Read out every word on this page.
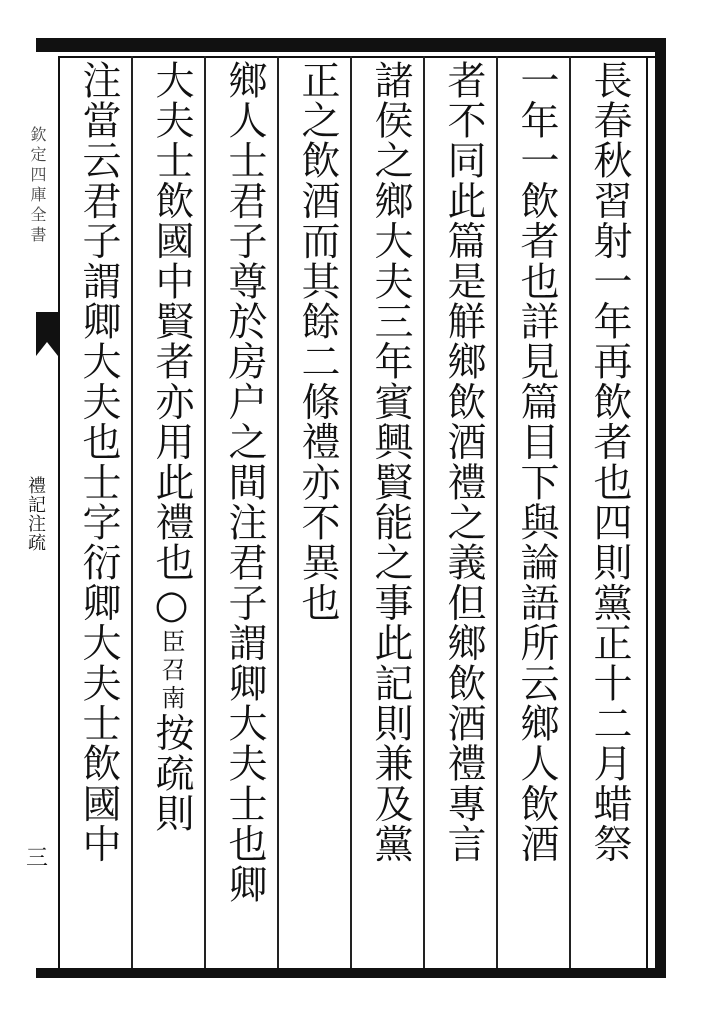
欽定四庫全書
禮記注疏
三	長春秋習射一年再飲者也四則黨正十二月蜡祭
一年一飲者也詳見篇目下與論語所云鄉人飲酒
者不同此篇是觧鄉飲酒禮之義但鄉飲酒禮專言
諸侯之鄉大夫三年賓興賢能之事此記則兼及黨
正之飲酒而其餘二條禮亦不異也
鄉人士君子尊於房户之間注君子謂卿大夫士也卿
大夫士飲國中賢者亦用此禮也○臣召南按疏則
注當云君子謂卿大夫也士字衍卿大夫士飲國中
